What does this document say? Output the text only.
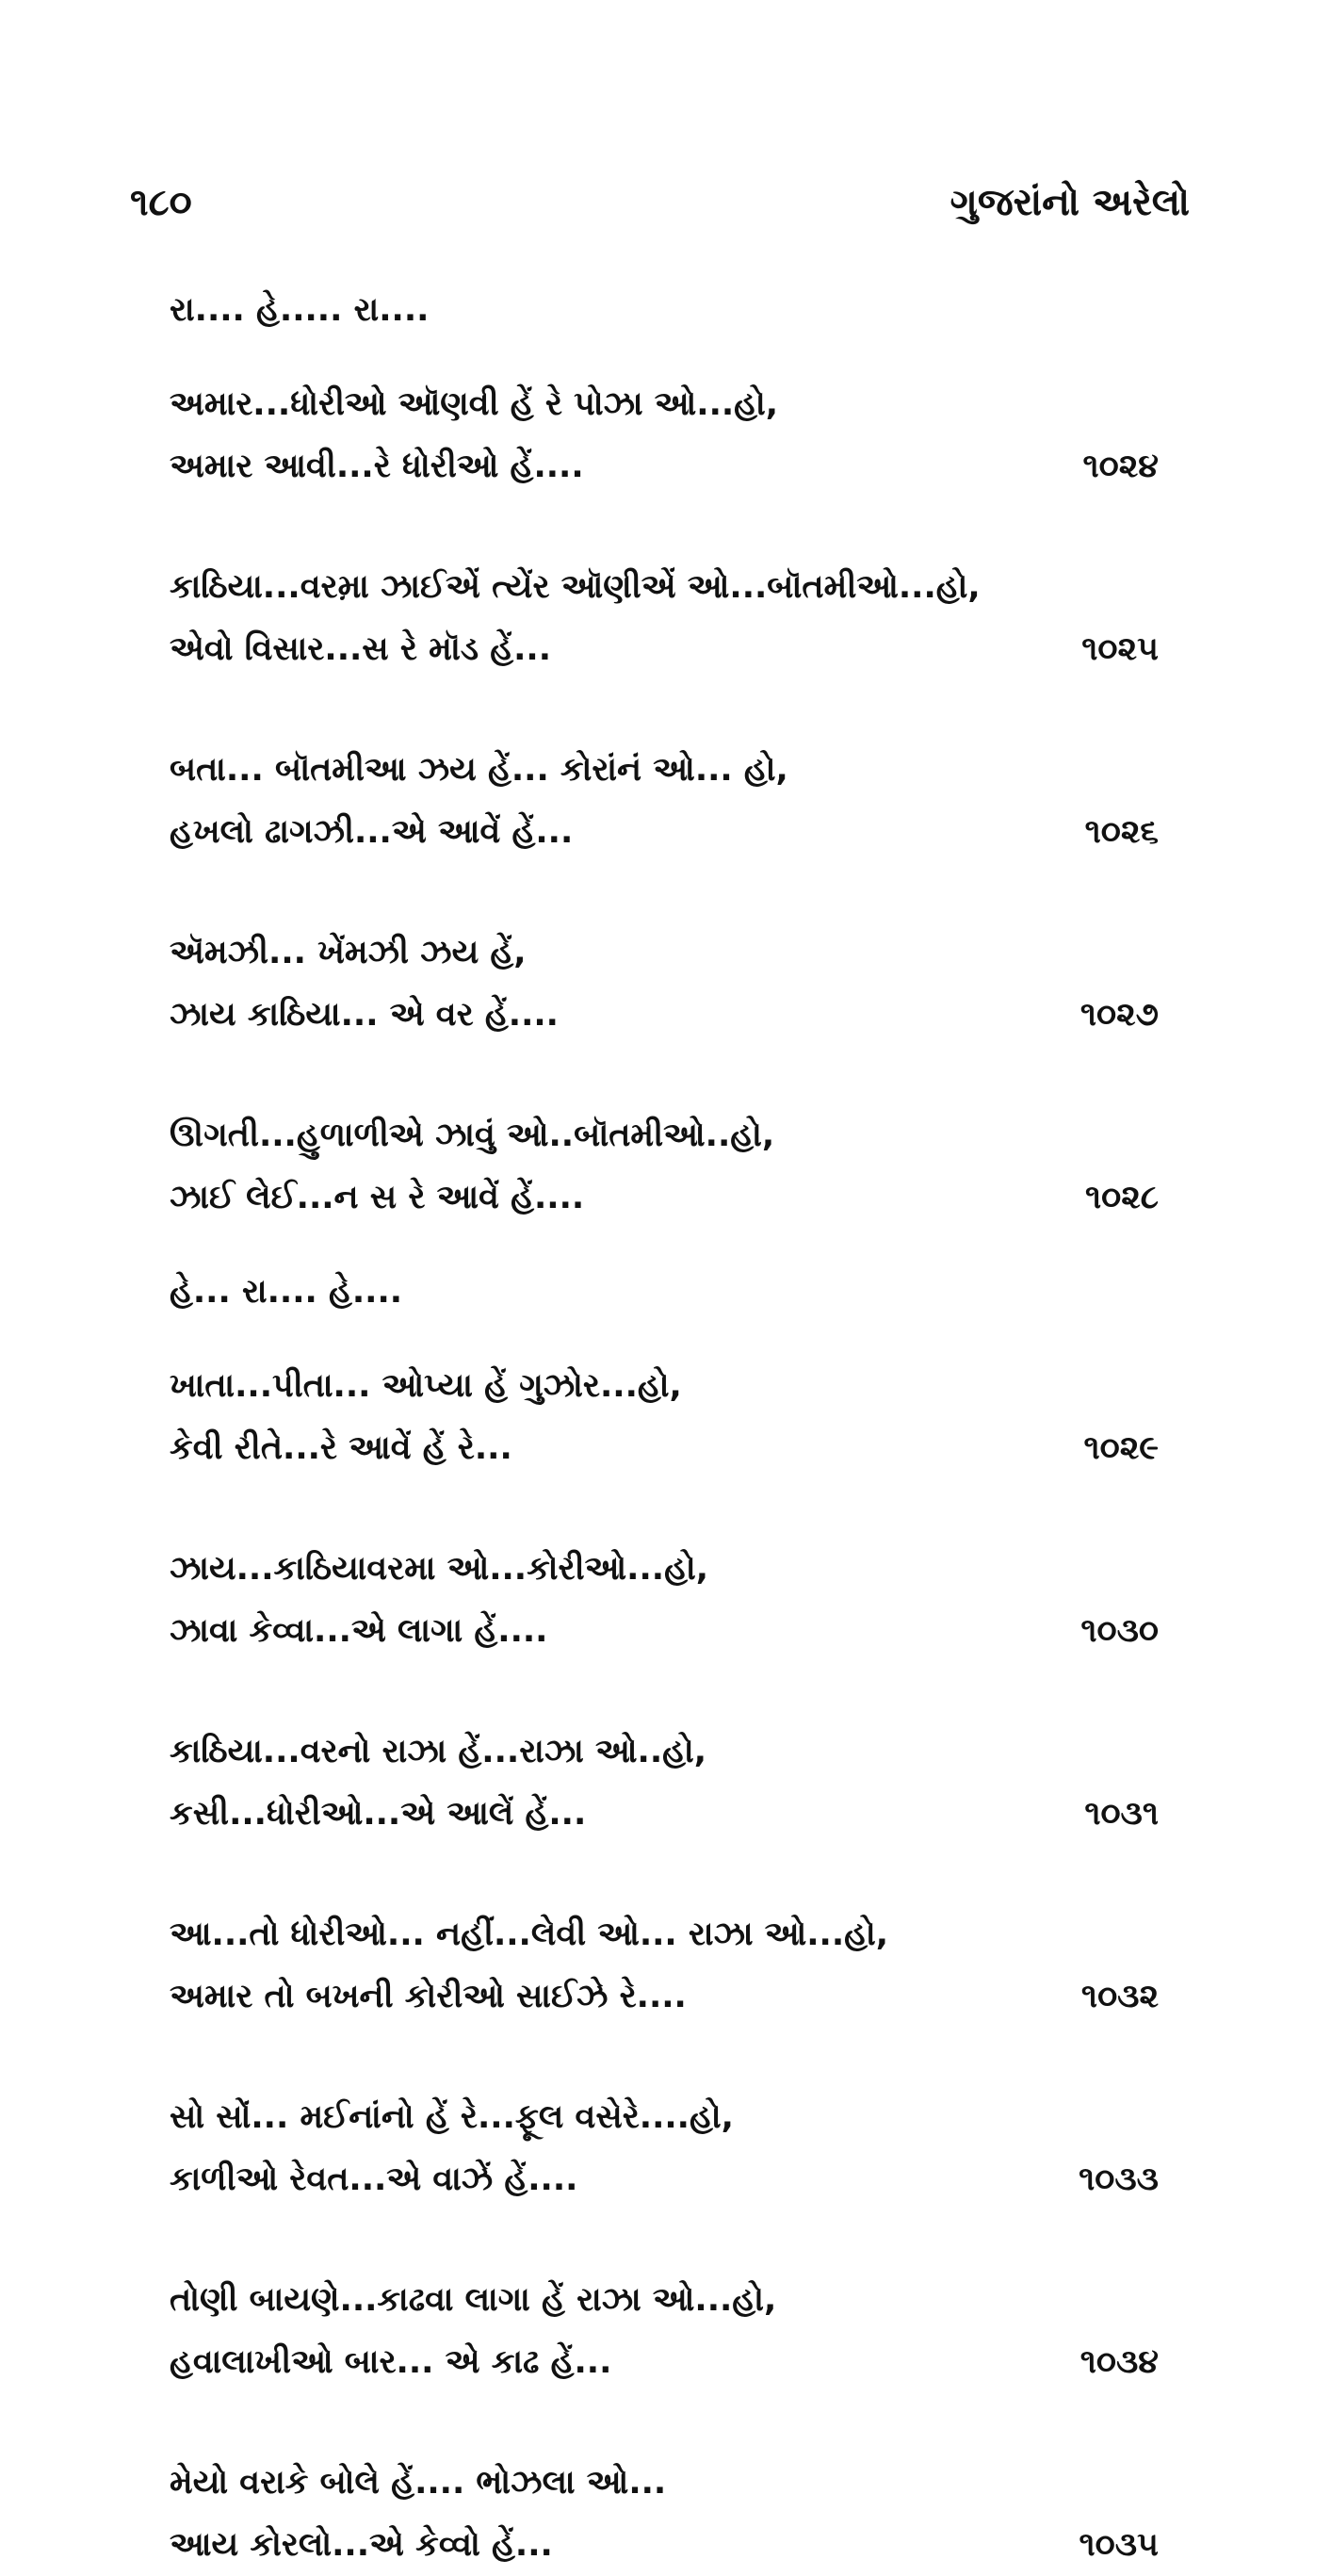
૧૮૦	ગુજરાંનો અરેલો
રા.... હે..... રા....
અમાર...ધોરીઓ ઑણવી હેં રે પોઝા ઓ...હો,
અમાર આવી...રે ધોરીઓ હેં....	૧૦૨૪
કાઠિયા...વરમા઼ ઝાઈએં ત્યેંર ઑણીએં ઓ...બૉતમીઓ...હો,
એવો વિસાર...સ રે મૉડ હેં...	૧૦૨૫
બતા... બૉતમીઆ ઝય હેં... કોરાંનં ઓ... હો,
હખલો ઢાગઝી...એ આવેં હેં...	૧૦૨૬
ઍમઝી... ખેંમઝી ઝય હેં,
ઝાય કાઠિયા... એ વર હેં....	૧૦૨૭
ઊગતી...હુળાળીએ ઝાવું ઓ..બૉતમીઓ..હો,
ઝાઈ લેઈ...ન સ રે આવેં હેં....	૧૦૨૮
હે... રા.... હે....
ખાતા...પીતા... ઓપ્યા હેં ગુઝોર...હો,
કેવી રીતે...રે આવેં હેં રે...	૧૦૨૯
ઝાય...કાઠિયાવરમા ઓ...કોરીઓ...હો,
ઝાવા કેવ્વા...એ લાગા હેં....	૧૦૩૦
કાઠિયા...વરનો રાઝા હેં...રાઝા ઓ..હો,
કસી...ધોરીઓ...એ આલેં હેં...	૧૦૩૧
આ...તો ધોરીઓ... નહીં...લેવી ઓ... રાઝા ઓ...હો,
અમાર તો બખની કોરીઓ સાઈઝે રે....	૧૦૩૨
સો સોં... મઈનાંનો હેં રે...ફૂલ વસેરે....હો,
કાળીઓ રેવત...એ વાઝેં હેં....	૧૦૩૩
તોણી બાયણે...કાઢવા લાગા હેં રાઝા ઓ...હો,
હવાલાખીઓ બાર... એ કાઢ હેં...	૧૦૩૪
મેયો વરાકે બોલે હેં.... ભોઝલા ઓ...
આય કોરલો...એ કેવ્વો હેં...	૧૦૩૫
